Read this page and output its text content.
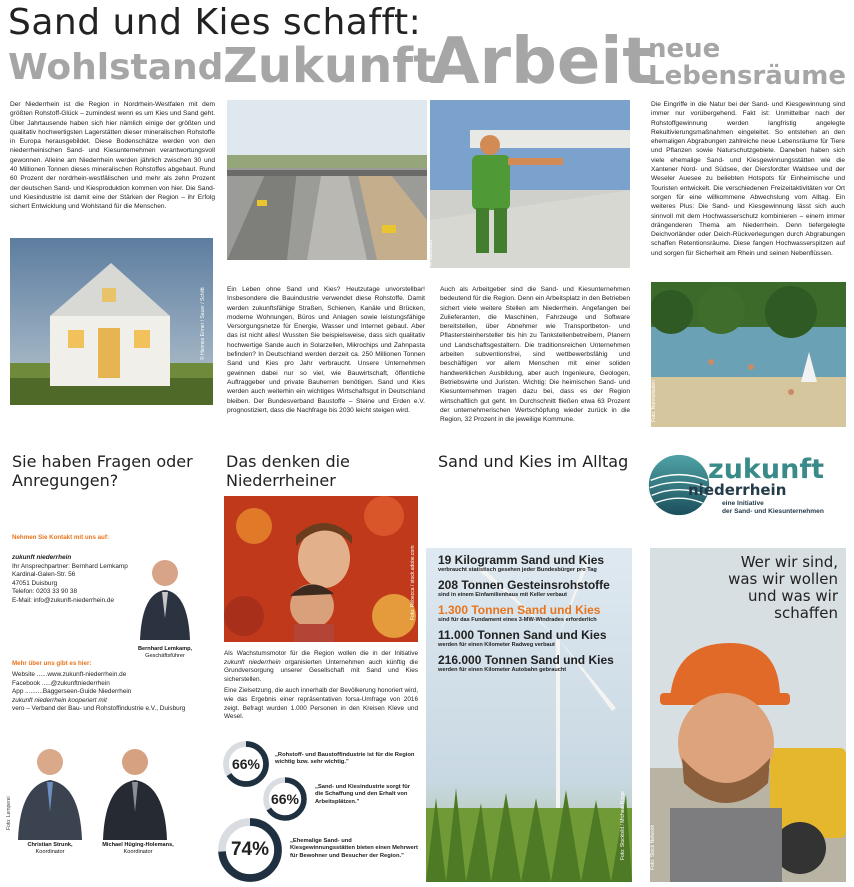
Sand und Kies schafft:
Wohlstand Zukunft
Arbeit
neue
Lebensräume

Der Niederrhein ist die Region in Nordrhein-Westfalen mit dem größten Rohstoff-Glück – zumindest wenn es um Kies und Sand geht. Über Jahrtausende haben sich hier nämlich einige der größten und qualitativ hochwertigsten Lagerstätten dieser mineralischen Rohstoffe in Europa herausgebildet. Diese Bodenschätze werden von den niederrheinischen Sand- und Kiesunternehmen verantwortungsvoll gewonnen. Alleine am Niederrhein werden jährlich zwischen 30 und 40 Millionen Tonnen dieses mineralischen Rohstoffes abgebaut. Rund 60 Prozent der nordrhein-westfälischen und mehr als zehn Prozent der deutschen Sand- und Kiesproduktion kommen von hier. Die Sand- und Kiesindustrie ist damit eine der Stärken der Region – ihr Erfolg sichert Entwicklung und Wohlstand für die Menschen.

© Hannes Ermer / Sauer / Schlitt
© Stockfoto

Ein Leben ohne Sand und Kies? Heutzutage unvorstellbar! Insbesondere die Bauindustrie verwendet diese Rohstoffe. Damit werden zukunftsfähige Straßen, Schienen, Kanäle und Brücken, moderne Wohnungen, Büros und Anlagen sowie leistungsfähige Versorgungsnetze für Energie, Wasser und Internet gebaut. Aber das ist nicht alles! Wussten Sie beispielsweise, dass sich qualitativ hochwertige Sande auch in Solarzellen, Mikrochips und Zahnpasta befinden? In Deutschland werden derzeit ca. 250 Millionen Tonnen Sand und Kies pro Jahr verbraucht. Unsere Unternehmen gewinnen dabei nur so viel, wie Bauwirtschaft, öffentliche Auftraggeber und private Bauherren benötigen. Sand und Kies werden auch weiterhin ein wichtiges Wirtschaftsgut in Deutschland bleiben. Der Bundesverband Baustoffe – Steine und Erden e.V. prognostiziert, dass die Nachfrage bis 2030 leicht steigen wird.

Auch als Arbeitgeber sind die Sand- und Kiesunternehmen bedeutend für die Region. Denn ein Arbeitsplatz in den Betrieben sichert viele weitere Stellen am Niederrhein. Angefangen bei Zulieferanten, die Maschinen, Fahrzeuge und Software bereitstellen, über Abnehmer wie Transportbeton- und Pflastersteinhersteller bis hin zu Tankstellenbetreibern, Planern und Landschaftsgestaltern. Die traditionsreichen Unternehmen arbeiten subventionsfrei, sind wettbewerbsfähig und beschäftigen vor allem Menschen mit einer soliden handwerklichen Ausbildung, aber auch Ingenieure, Geologen, Betriebswirte und Juristen. Wichtig: Die heimischen Sand- und Kiesunternehmen tragen dazu bei, dass es der Region wirtschaftlich gut geht. Im Durchschnitt fließen etwa 63 Prozent der unternehmerischen Wertschöpfung wieder zurück in die Region, 32 Prozent in die jeweilige Kommune.

Die Eingriffe in die Natur bei der Sand- und Kiesgewinnung sind immer nur vorübergehend. Fakt ist: Unmittelbar nach der Rohstoffgewinnung werden langfristig angelegte Rekultivierungsmaßnahmen eingeleitet. So entstehen an den ehemaligen Abgrabungen zahlreiche neue Lebensräume für Tiere und Pflanzen sowie Naturschutzgebiete. Daneben haben sich viele ehemalige Sand- und Kiesgewinnungsstätten wie die Xantener Nord- und Südsee, der Diersfordter Waldsee und der Weseler Auesee zu beliebten Hotspots für Einheimische und Touristen entwickelt. Die verschiedenen Freizeitaktivitäten vor Ort sorgen für eine willkommene Abwechslung vom Alltag. Ein weiteres Plus: Die Sand- und Kiesgewinnung lässt sich auch sinnvoll mit dem Hochwasserschutz kombinieren – einem immer drängenderen Thema am Niederrhein. Denn tiefergelegte Deichvorländer oder Deich-Rückverlegungen durch Abgrabungen schaffen Retentionsräume. Diese fangen Hochwasserspitzen auf und sorgen für Sicherheit am Rhein und seinen Nebenflüssen.

Foto: Nahmslasten
Sie haben Fragen oder Anregungen?
Nehmen Sie Kontakt mit uns auf:
zukunft niederrhein
Ihr Ansprechpartner: Bernhard Lemkamp
Kardinal-Galen-Str. 56
47051 Duisburg
Telefon: 0203 33 90 38
E-Mail: info@zukunft-niederrhein.de
Bernhard Lemkamp,
Geschäftsführer
Mehr über uns gibt es hier:
Website ......www.zukunft-niederrhein.de
Facebook .....@zukunftniederrhein
App ..........Baggerseen-Guide Niederrhein
zukunft niederrhein kooperiert mit
vero – Verband der Bau- und Rohstoffindustrie e.V., Duisburg
Foto: Lemperei
Christian Strunk,
Koordinator
Michael Hüging-Holemans,
Koordinator
Das denken die Niederrheiner
Foto: Rebecca / stock.adobe.com

Als Wachstumsmotor für die Region wollen die in der Initiative zukunft niederrhein organisierten Unternehmen auch künftig die Grundversorgung unserer Gesellschaft mit Sand und Kies sicherstellen.

Eine Zielsetzung, die auch innerhalb der Bevölkerung honoriert wird, wie das Ergebnis einer repräsentativen forsa-Umfrage von 2016 zeigt. Befragt wurden 1.000 Personen in den Kreisen Kleve und Wesel.

66%
„Rohstoff- und Baustoffindustrie ist für die Region wichtig bzw. sehr wichtig."
66%
„Sand- und Kiesindustrie sorgt für die Schaffung und den Erhalt von Arbeitsplätzen."
74%	„Ehemalige Sand- und Kiesgewinnungsstätten bieten einen Mehrwert für Bewohner und Besucher der Region."
Sand und Kies im Alltag
Foto: Stockbild / Michael Ringe
19 Kilogramm Sand und Kies
verbraucht statistisch gesehen jeder Bundesbürger pro Tag
208 Tonnen Gesteinsrohstoffe
sind in einem Einfamilienhaus mit Keller verbaut
1.300 Tonnen Sand und Kies
sind für das Fundament eines 3-MW-Windrades erforderlich
11.000 Tonnen Sand und Kies
werden für einen Kilometer Radweg verbaut
216.000 Tonnen Sand und Kies
werden für einen Kilometer Autobahn gebraucht
zukunft
niederrhein
eine Initiative
der Sand- und Kiesunternehmen
Wer wir sind,
was wir wollen
und was wir
schaffen
Foto: Stock Network
